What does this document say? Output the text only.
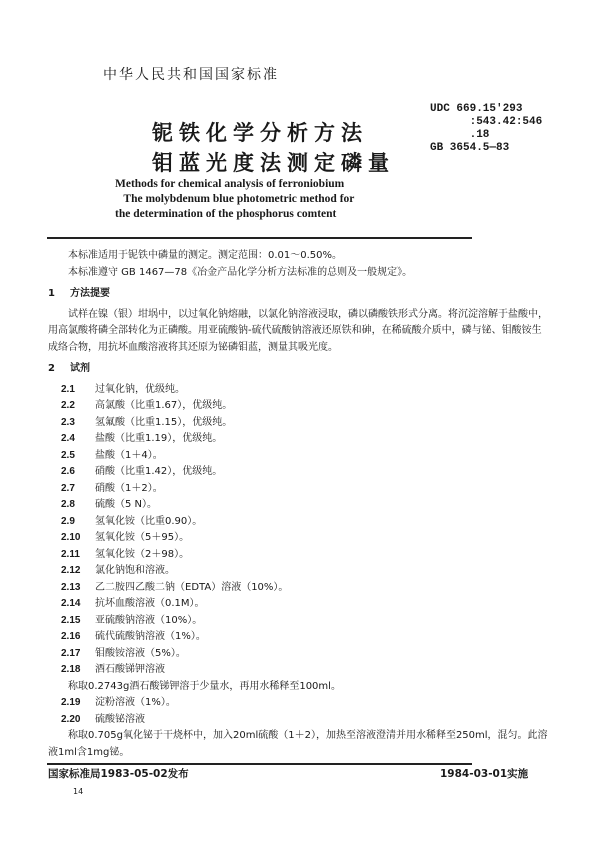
中华人民共和国国家标准
铌铁化学分析方法
钼蓝光度法测定磷量
UDC 669.15'293
:543.42:546
.18
GB 3654.5—83
Methods for chemical analysis of ferroniobium
The molybdenum blue photometric method for
the determination of the phosphorus comtent
本标准适用于铌铁中磷量的测定。测定范围：0.01～0.50%。
本标准遵守 GB 1467—78《冶金产品化学分析方法标准的总则及一般规定》。
1 方法提要
试样在镍（银）坩埚中，以过氧化钠熔融，以氯化钠溶液浸取，磷以磷酸铁形式分离。将沉淀溶解于盐酸中，用高氯酸将磷全部转化为正磷酸。用亚硫酸钠-硫代硫酸钠溶液还原铁和砷，在稀硫酸介质中，磷与铋、钼酸铵生成络合物，用抗坏血酸溶液将其还原为铋磷钼蓝，测量其吸光度。
2 试剂
2.1 过氧化钠，优级纯。
2.2 高氯酸（比重1.67），优级纯。
2.3 氢氟酸（比重1.15），优级纯。
2.4 盐酸（比重1.19），优级纯。
2.5 盐酸（1＋4）。
2.6 硝酸（比重1.42），优级纯。
2.7 硝酸（1＋2）。
2.8 硫酸（5 N）。
2.9 氢氧化铵（比重0.90）。
2.10 氢氧化铵（5＋95）。
2.11 氢氧化铵（2＋98）。
2.12 氯化钠饱和溶液。
2.13 乙二胺四乙酸二钠（EDTA）溶液（10%）。
2.14 抗坏血酸溶液（0.1M）。
2.15 亚硫酸钠溶液（10%）。
2.16 硫代硫酸钠溶液（1%）。
2.17 钼酸铵溶液（5%）。
2.18 酒石酸锑钾溶液
称取0.2743g酒石酸锑钾溶于少量水，再用水稀释至100ml。
2.19 淀粉溶液（1%）。
2.20 硫酸铋溶液
称取0.705g氧化铋于干烧杯中，加入20ml硫酸（1＋2），加热至溶液澄清并用水稀释至250ml，混匀。此溶液1ml含1mg铋。
国家标准局1983-05-02发布	1984-03-01实施
14
